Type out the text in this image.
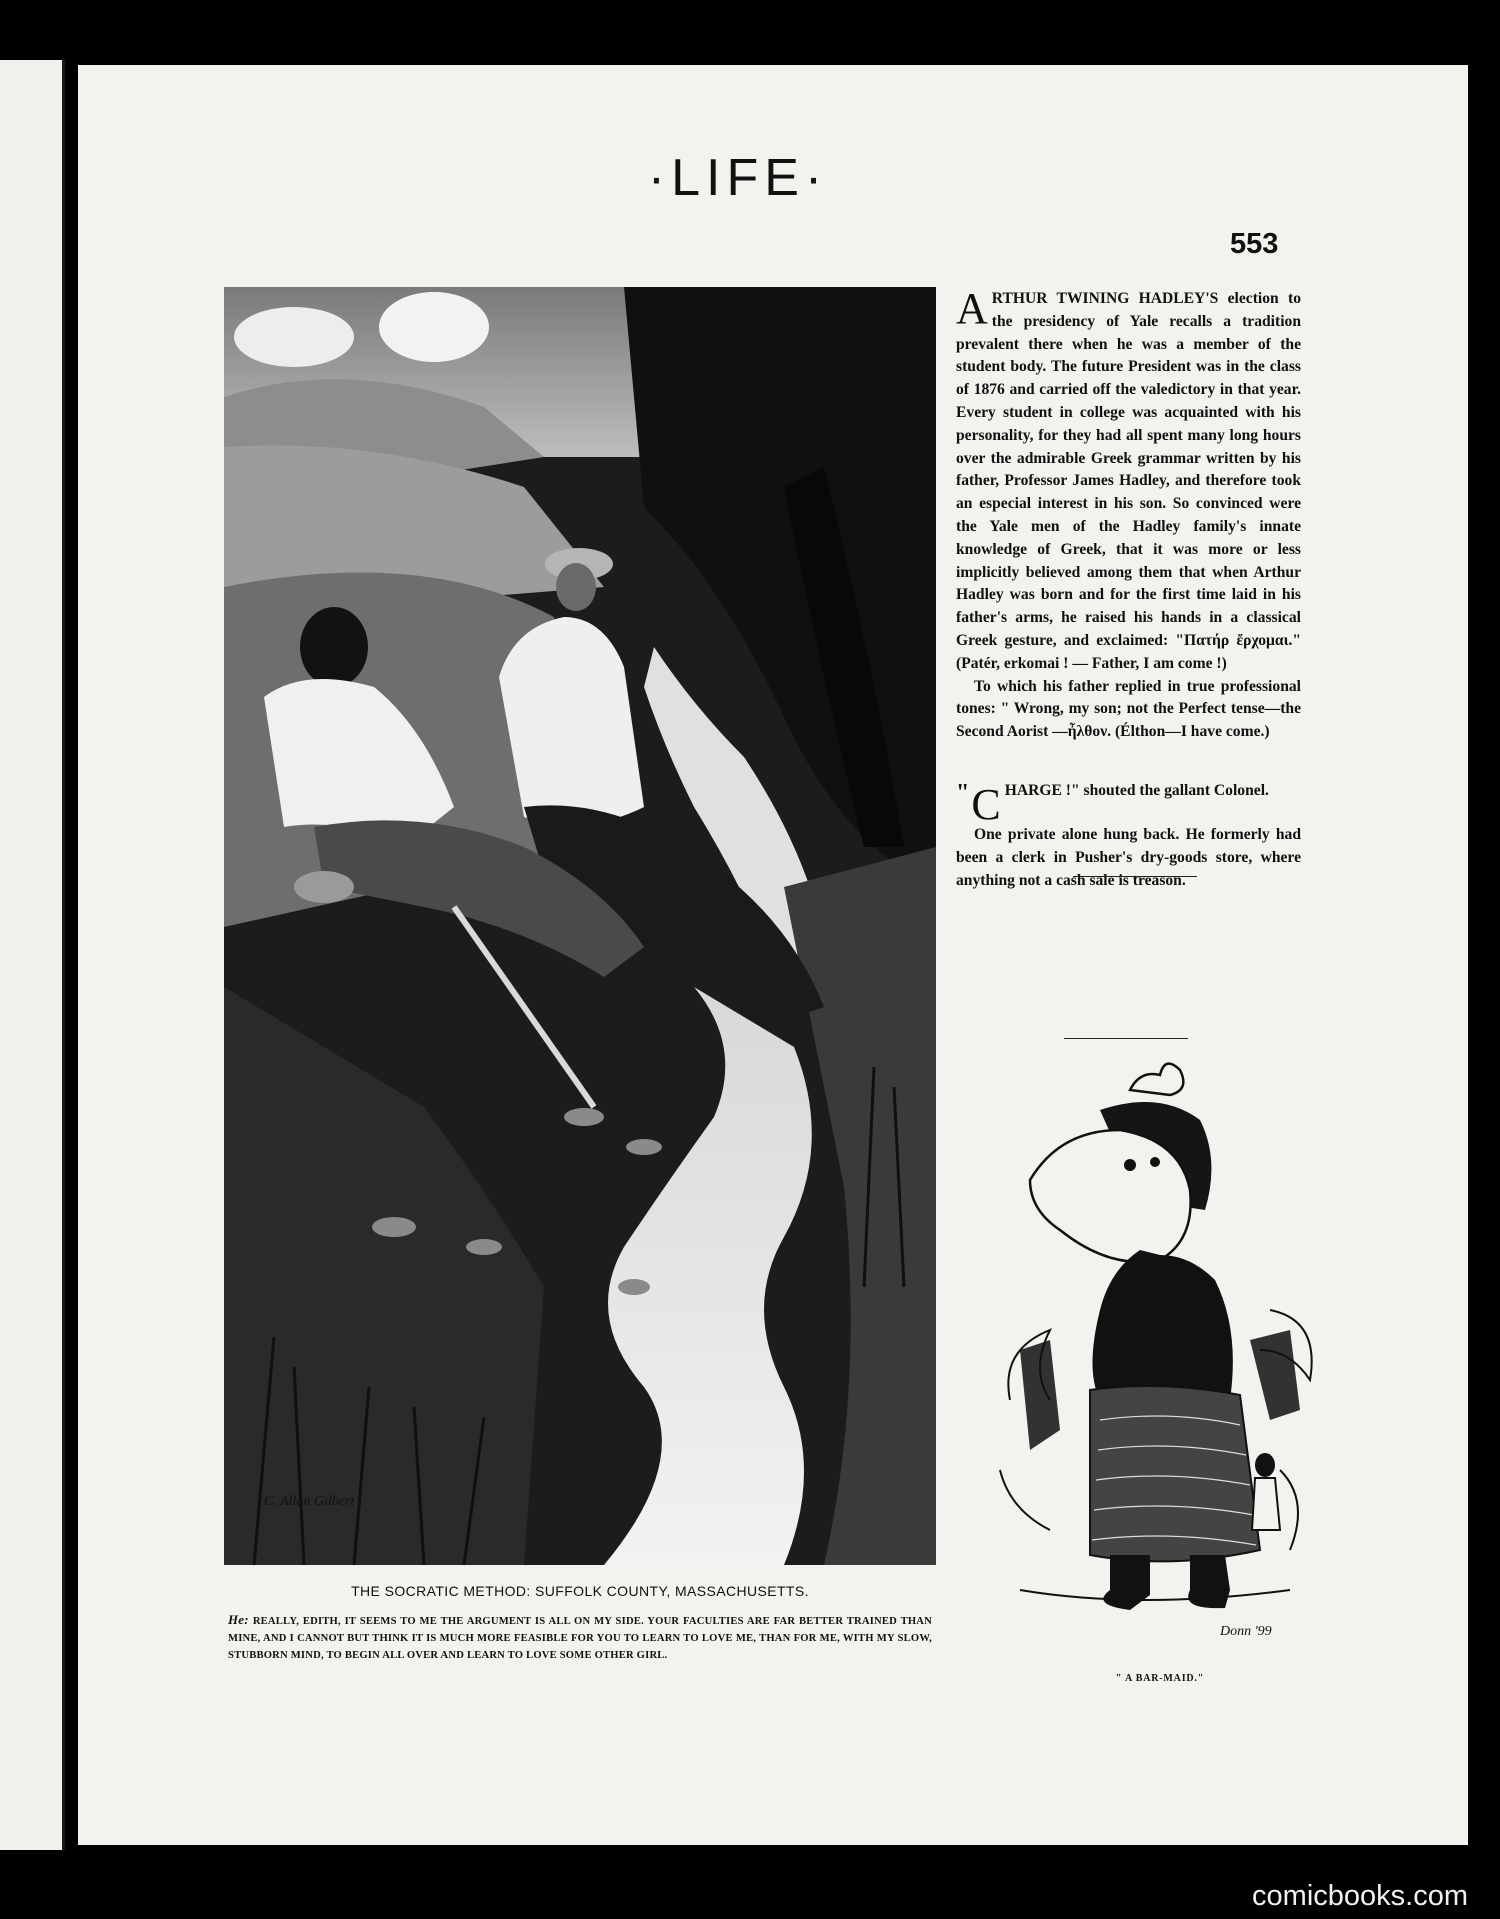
·LIFE·
553
C. Allan Gilbert
THE SOCRATIC METHOD: SUFFOLK COUNTY, MASSACHUSETTS.
He: REALLY, EDITH, IT SEEMS TO ME THE ARGUMENT IS ALL ON MY SIDE. YOUR FACULTIES ARE FAR BETTER TRAINED THAN MINE, AND I CANNOT BUT THINK IT IS MUCH MORE FEASIBLE FOR YOU TO LEARN TO LOVE ME, THAN FOR ME, WITH MY SLOW, STUBBORN MIND, TO BEGIN ALL OVER AND LEARN TO LOVE SOME OTHER GIRL.

ARTHUR TWINING HADLEY'S election to the presidency of Yale recalls a tradition prevalent there when he was a member of the student body. The future President was in the class of 1876 and carried off the valedictory in that year. Every student in college was acquainted with his personality, for they had all spent many long hours over the admirable Greek grammar written by his father, Professor James Hadley, and therefore took an especial interest in his son. So convinced were the Yale men of the Hadley family's innate knowledge of Greek, that it was more or less implicitly believed among them that when Arthur Hadley was born and for the first time laid in his father's arms, he raised his hands in a classical Greek gesture, and exclaimed: "Πατήρ ἔρχομαι." (Patér, erkomai ! — Father, I am come !)

To which his father replied in true professional tones: " Wrong, my son; not the Perfect tense—the Second Aorist —ἦλθον. (Élthon—I have come.)

" C HARGE !" shouted the gallant Colonel.

One private alone hung back. He formerly had been a clerk in Pusher's dry-goods store, where anything not a cash sale is treason.

Donn '99
" A BAR-MAID."
comicbooks.com
